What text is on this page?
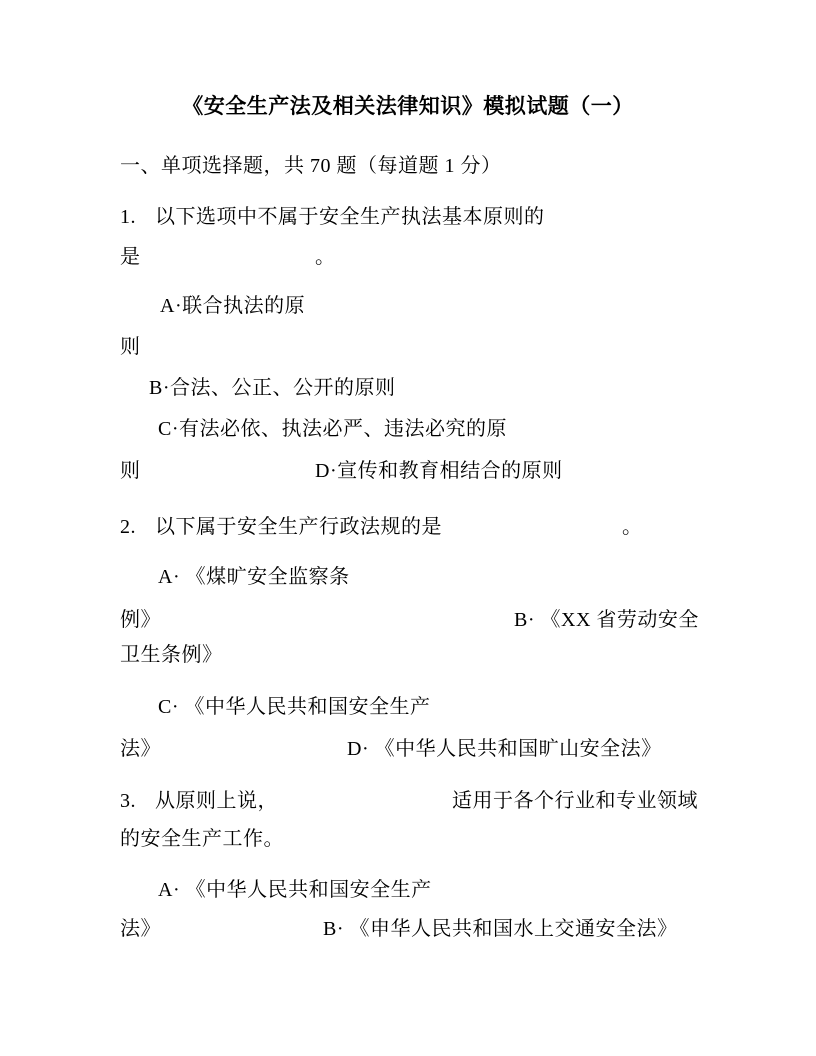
《安全生产法及相关法律知识》模拟试题（一）
一、单项选择题，共 70 题（每道题 1 分）
1. 以下选项中不属于安全生产执法基本原则的
是	。
A·联合执法的原
则
B·合法、公正、公开的原则
C·有法必依、执法必严、违法必究的原
则	D·宣传和教育相结合的原则
2. 以下属于安全生产行政法规的是	。
A· 《煤旷安全监察条
例》	B· 《XX 省劳动安全
卫生条例》
C· 《中华人民共和国安全生产
法》	D· 《中华人民共和国旷山安全法》
3. 从原则上说，	适用于各个行业和专业领域
的安全生产工作。
A· 《中华人民共和国安全生产
法》	B· 《申华人民共和国水上交通安全法》
